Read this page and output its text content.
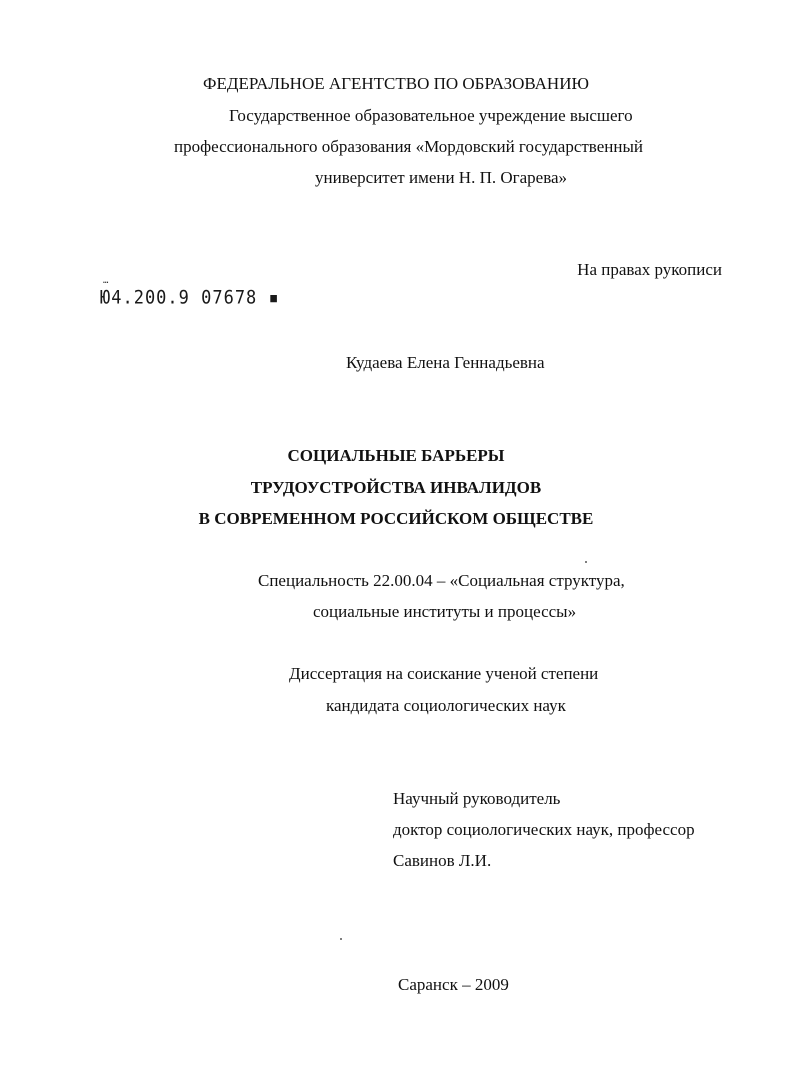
ФЕДЕРАЛЬНОЕ АГЕНТСТВО ПО ОБРАЗОВАНИЮ
Государственное образовательное учреждение высшего
профессионального образования «Мордовский государственный
университет имени Н. П. Огарева»
На правах рукописи
…
Ю4.200.9 07678 ▪
Кудаева Елена Геннадьевна
СОЦИАЛЬНЫЕ БАРЬЕРЫ
ТРУДОУСТРОЙСТВА ИНВАЛИДОВ
В СОВРЕМЕННОМ РОССИЙСКОМ ОБЩЕСТВЕ
Специальность 22.00.04 – «Социальная структура,
социальные институты и процессы»
Диссертация на соискание ученой степени
кандидата социологических наук
Научный руководитель
доктор социологических наук, профессор
Савинов Л.И.
Саранск – 2009
